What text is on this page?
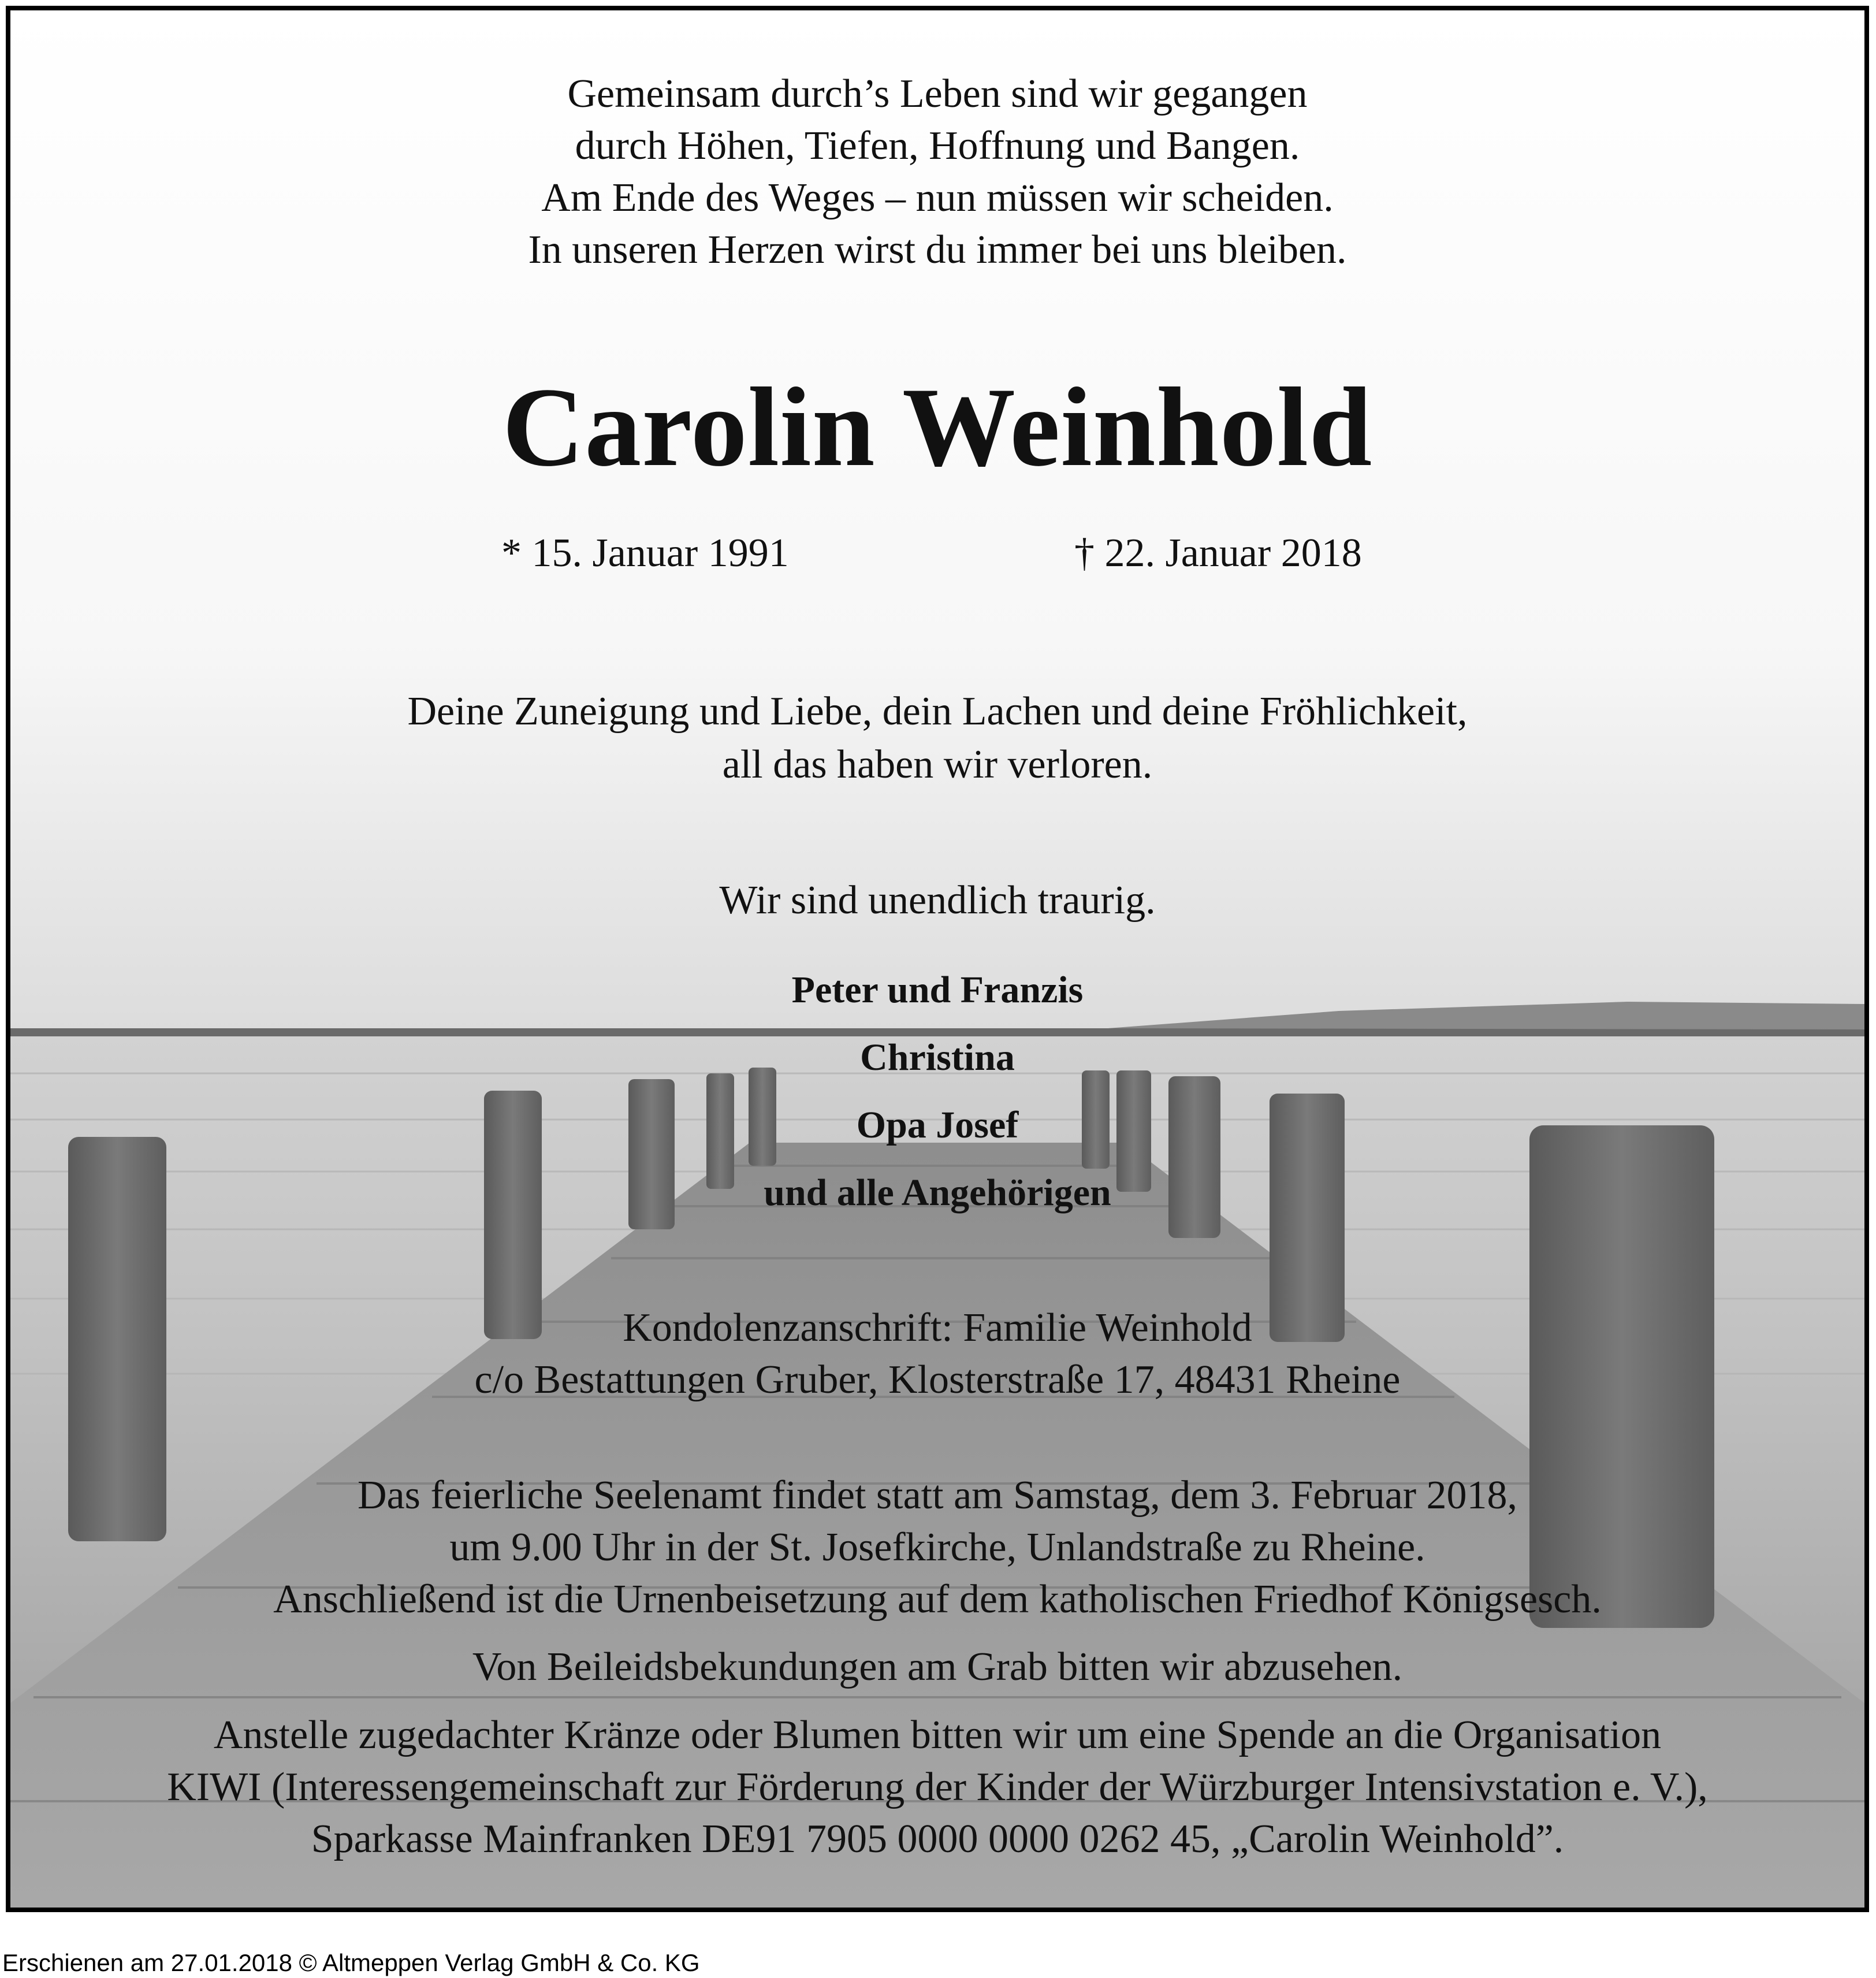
Gemeinsam durch’s Leben sind wir gegangen
durch Höhen, Tiefen, Hoffnung und Bangen.
Am Ende des Weges – nun müssen wir scheiden.
In unseren Herzen wirst du immer bei uns bleiben.
Carolin Weinhold
* 15. Januar 1991	† 22. Januar 2018
Deine Zuneigung und Liebe, dein Lachen und deine Fröhlichkeit,
all das haben wir verloren.
Wir sind unendlich traurig.
Peter und Franzis
Christina
Opa Josef
und alle Angehörigen
Kondolenzanschrift: Familie Weinhold
c/o Bestattungen Gruber, Klosterstraße 17, 48431 Rheine
Das feierliche Seelenamt findet statt am Samstag, dem 3. Februar 2018,
um 9.00 Uhr in der St. Josefkirche, Unlandstraße zu Rheine.
Anschließend ist die Urnenbeisetzung auf dem katholischen Friedhof Königsesch.
Von Beileidsbekundungen am Grab bitten wir abzusehen.
Anstelle zugedachter Kränze oder Blumen bitten wir um eine Spende an die Organisation
KIWI (Interessengemeinschaft zur Förderung der Kinder der Würzburger Intensivstation e. V.),
Sparkasse Mainfranken DE91 7905 0000 0000 0262 45, „Carolin Weinhold”.
Erschienen am 27.01.2018 © Altmeppen Verlag GmbH & Co. KG
